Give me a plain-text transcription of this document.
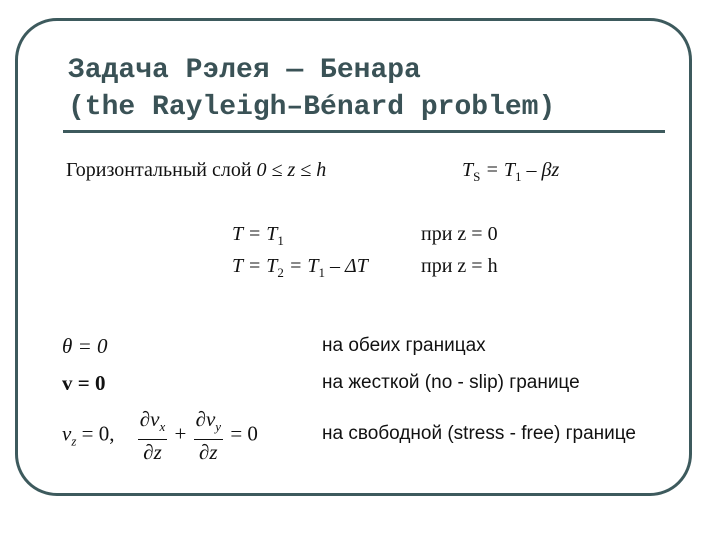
Задача Рэлея — Бенара
(the Rayleigh–Bénard problem)
Горизонтальный слой 0 ≤ z ≤ h	$T_S = T_1 - \beta z$
$T = T_1$	при z = 0
$T = T_2 = T_1 - \Delta T$	при z = h
θ = 0	на обеих границах
v = 0	на жесткой (no - slip) границе
$v_z = 0$, $\frac{\partial v_x}{\partial z} + \frac{\partial v_y}{\partial z} = 0$	на свободной (stress - free) границе
